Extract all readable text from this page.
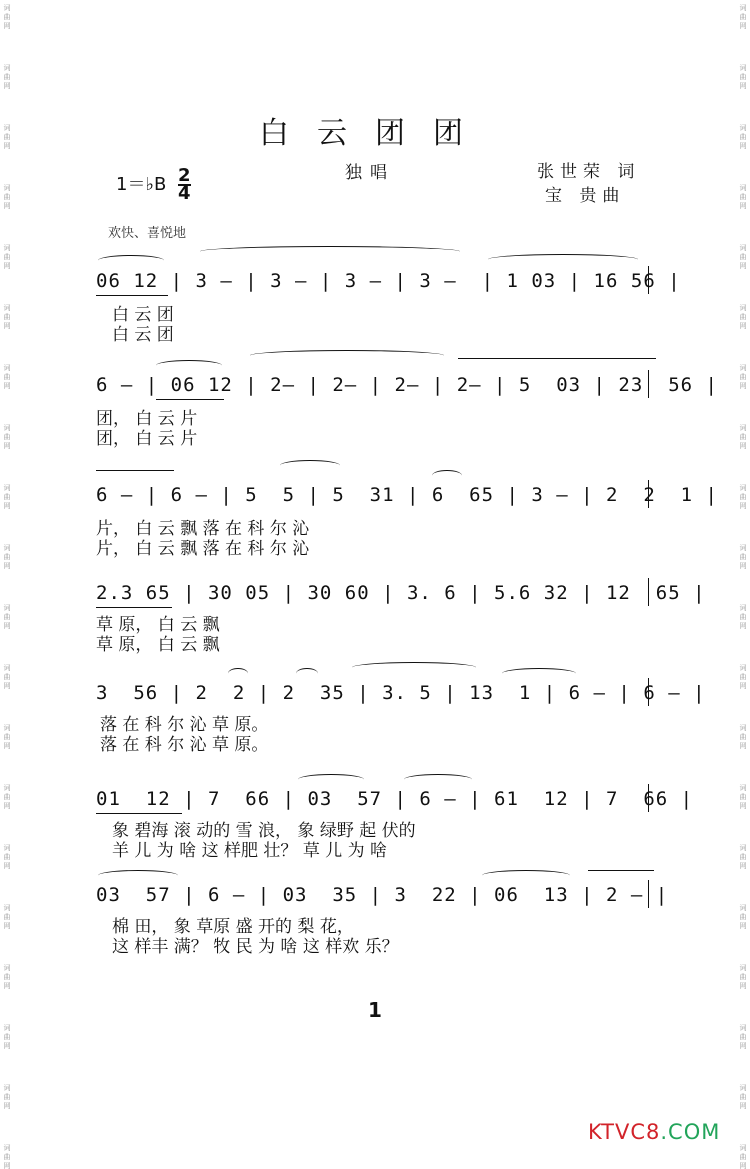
词
曲
网
词
曲
网
词
曲
网
词
曲
网
词
曲
网
词
曲
网
词
曲
网
词
曲
网
词
曲
网
词
曲
网
词
曲
网
词
曲
网
词
曲
网
词
曲
网
词
曲
网
词
曲
网
词
曲
网
词
曲
网
词
曲
网
词
曲
网
词
曲
网
词
曲
网
词
曲
网
词
曲
网
词
曲
网
词
曲
网
词
曲
网
词
曲
网
词
曲
网
词
曲
网
词
曲
网
词
曲
网
词
曲
网
词
曲
网
词
曲
网
词
曲
网
词
曲
网
词
曲
网
词
曲
网
词
曲
网
白云团团
1＝♭B $\frac{2}{4}$	独唱	张世荣 词
宝 贵曲
欢快、喜悦地
06 12 | 3 — | 3 — | 3 — | 3 —  | 1 03 | 16 56 |
白 云 团
白 云 团
6 — | 06 12 | 2— | 2— | 2— | 2— | 5  03 | 23  56 |
团， 白 云 片
团， 白 云 片
6 — | 6 — | 5  5 | 5  31 | 6  65 | 3 — | 2  2  1 |
片， 白 云 飘 落 在 科 尔 沁
片， 白 云 飘 落 在 科 尔 沁
2.3 65 | 30 05 | 30 60 | 3. 6 | 5.6 32 | 12  65 |
草 原， 白 云 飘
草 原， 白 云 飘
3  56 | 2  2 | 2  35 | 3. 5 | 13  1 | 6 — | 6 — |
落 在 科 尔 沁 草 原。
落 在 科 尔 沁 草 原。
01  12 | 7  66 | 03  57 | 6 — | 61  12 | 7  66 |
象 碧海 滚 动的 雪 浪， 象 绿野 起 伏的
羊 儿 为 啥 这 样肥 壮？ 草 儿 为 啥
03  57 | 6 — | 03  35 | 3  22 | 06  13 | 2 — |
棉 田， 象 草原 盛 开的 梨 花，
这 样丰 满？ 牧 民 为 啥 这 样欢 乐？
1
KTVC8.COM
